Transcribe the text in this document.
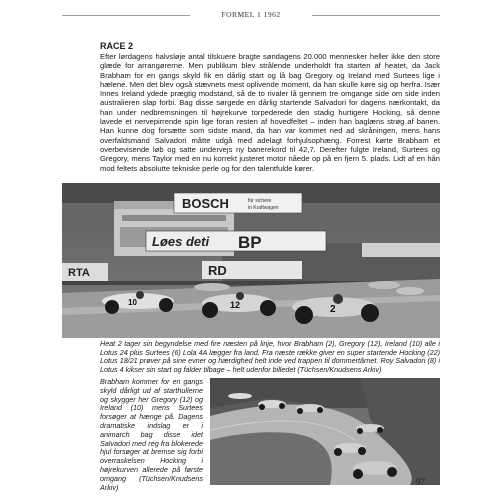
FORMEL 1 1962
RACE 2

Efter lørdagens halvsløje antal tilskuere bragte søndagens 20.000 mennesker heller ikke den store glæde for arrangørerne. Men publikum blev strålende underholdt fra starten af heatet, da Jack Brabham for en gangs skyld fik en dårlig start og lå bag Gregory og Ireland med Surtees lige i hælene. Men det blev også stævnets mest oplivende moment, da han skulle køre sig op herfra. Især Innes Ireland ydede prægtig modstand, så de to rivaler lå gennem tre omgange side om side inden australieren slap forbi. Bag disse sørgede en dårlig startende Salvadori for dagens nærkontakt, da han under nedbremsningen til højrekurve torpederede den stadig hurtigere Hocking, så denne lavede et nervepirrende spin lige foran resten af hovedfeltet – inden han baglæns strøg af banen. Han kunne dog forsætte som sidste mand, da han var kommet ned ad skråningen, mens hans overfaldsmand Salvadori måtte udgå med adelagt forhjulsophæng. Forrest kørte Brabham et overbevisende løb og satte undervejs ny banerekord til 42,7. Derefter fulgte Ireland, Surtees og Gregory, mens Taylor med en nu korrekt justeret motor nåede op på en fjern 5. plads. Lidt af en hån mod feltets absolutte tekniske perle og for den talentfulde kører.

BOSCH	für sichere
in Kraftwagen
Løes deti BP
RTA	RD
10	12	2
Heat 2 tager sin begyndelse med fire næsten på linje, hvor Brabham (2), Gregory (12), Ireland (10) alle i Lotus 24 plus Surtees (6) Lola 4A lægger fra land. Fra næste række giver en super startende Hocking (22) Lotus 18/21 prøver på sine evner og hærdighed helt inde ved trappen til dommertårnet. Roy Salvadori (8) i Lotus 4 kikser sin start og falder tilbage – helt udenfor billedet (Tüchsen/Knudsens Arkiv)
Brabham kommer for en gangs skyld dårligt ud af starthullerne og skygger her Gregory (12) og Ireland (10) mens Surtees forsøger at hænge på. Dagens dramatiske indslag er i animarch bag disse idet Salvadori med reg fra blokerede hjul forsøger at bremse sig forbi overraskelsen Hocking i højrekurven allerede på første omgang (Tüchsen/Knudsens Arkiv)
97
